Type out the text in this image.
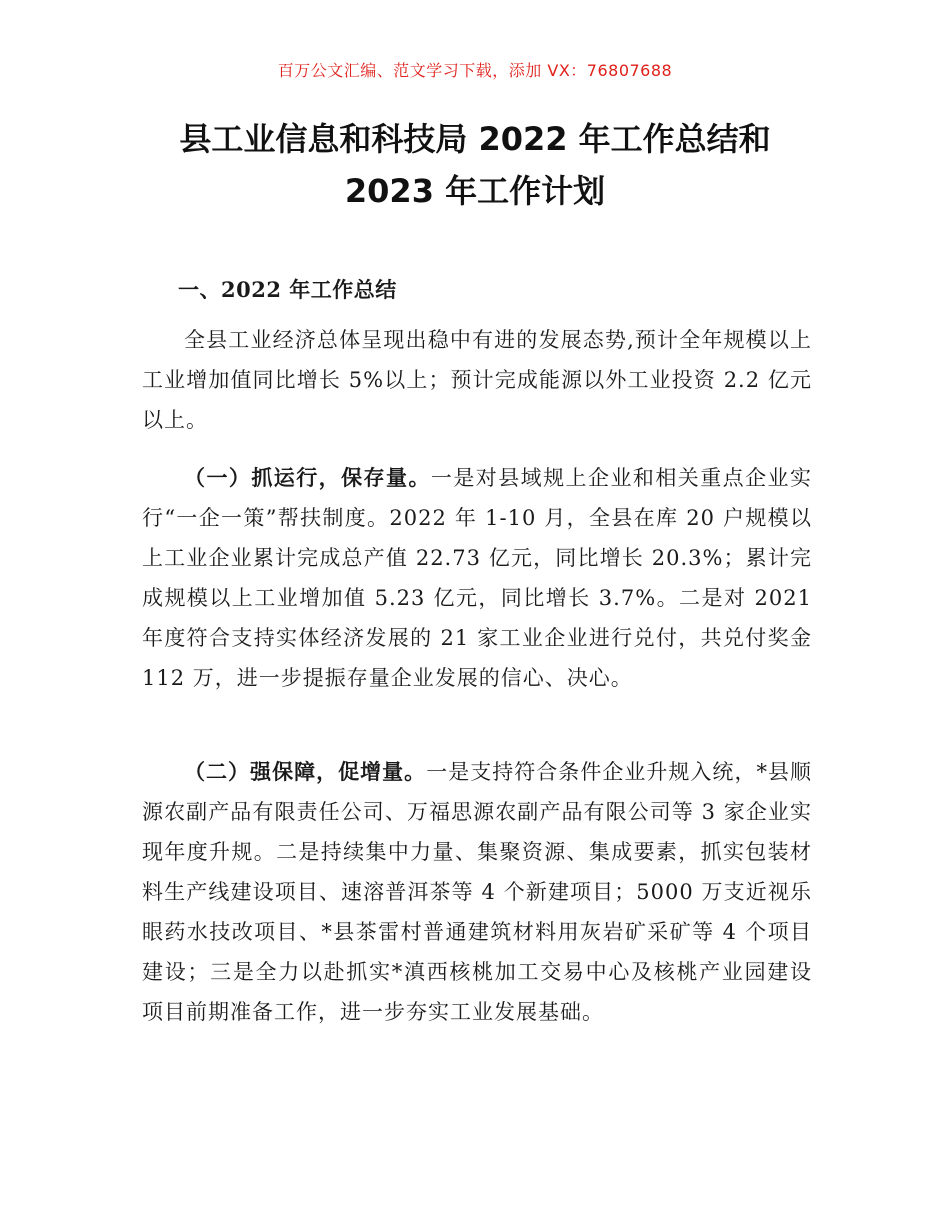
百万公文汇编、范文学习下载，添加 VX：76807688
县工业信息和科技局 2022 年工作总结和
2023 年工作计划
一、2022 年工作总结
全县工业经济总体呈现出稳中有进的发展态势,预计全年规模以上工业增加值同比增长 5%以上；预计完成能源以外工业投资 2.2 亿元以上。
（一）抓运行，保存量。一是对县域规上企业和相关重点企业实行“一企一策”帮扶制度。2022 年 1-10 月，全县在库 20 户规模以上工业企业累计完成总产值 22.73 亿元，同比增长 20.3%；累计完成规模以上工业增加值 5.23 亿元，同比增长 3.7%。二是对 2021 年度符合支持实体经济发展的 21 家工业企业进行兑付，共兑付奖金 112 万，进一步提振存量企业发展的信心、决心。
（二）强保障，促增量。一是支持符合条件企业升规入统，*县顺源农副产品有限责任公司、万福思源农副产品有限公司等 3 家企业实现年度升规。二是持续集中力量、集聚资源、集成要素，抓实包装材料生产线建设项目、速溶普洱茶等 4 个新建项目；5000 万支近视乐眼药水技改项目、*县茶雷村普通建筑材料用灰岩矿采矿等 4 个项目建设；三是全力以赴抓实*滇西核桃加工交易中心及核桃产业园建设项目前期准备工作，进一步夯实工业发展基础。
